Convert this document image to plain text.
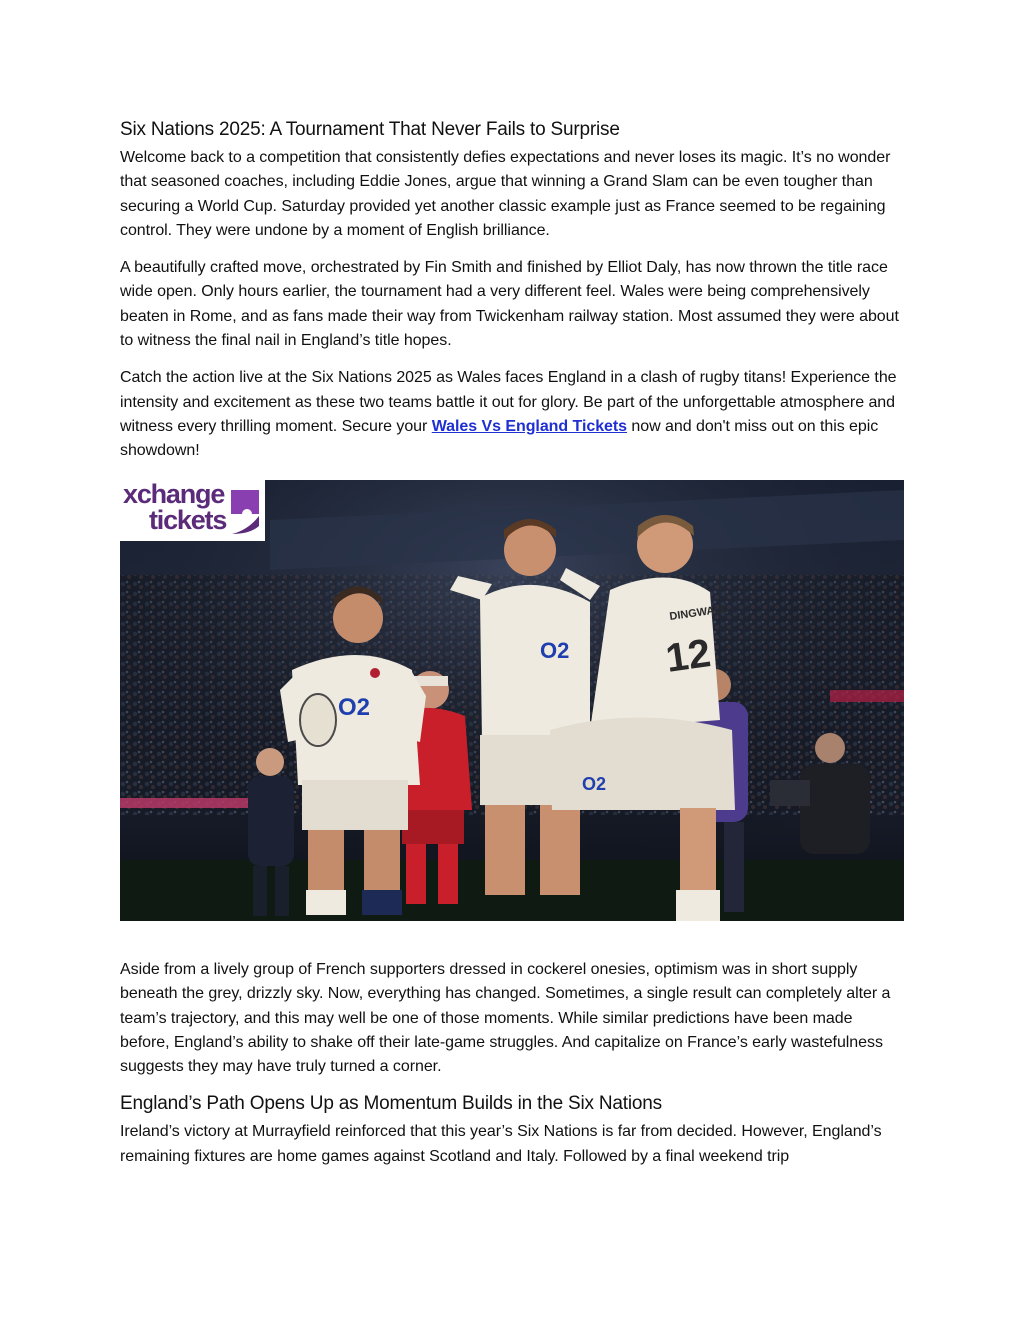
Six Nations 2025: A Tournament That Never Fails to Surprise

Welcome back to a competition that consistently defies expectations and never loses its magic. It’s no wonder that seasoned coaches, including Eddie Jones, argue that winning a Grand Slam can be even tougher than securing a World Cup. Saturday provided yet another classic example just as France seemed to be regaining control. They were undone by a moment of English brilliance.

A beautifully crafted move, orchestrated by Fin Smith and finished by Elliot Daly, has now thrown the title race wide open. Only hours earlier, the tournament had a very different feel. Wales were being comprehensively beaten in Rome, and as fans made their way from Twickenham railway station. Most assumed they were about to witness the final nail in England’s title hopes.

Catch the action live at the Six Nations 2025 as Wales faces England in a clash of rugby titans! Experience the intensity and excitement as these two teams battle it out for glory. Be part of the unforgettable atmosphere and witness every thrilling moment. Secure your Wales Vs England Tickets now and don't miss out on this epic showdown!

O2
O2
DINGWALL
12
O2
xchange
tickets

Aside from a lively group of French supporters dressed in cockerel onesies, optimism was in short supply beneath the grey, drizzly sky. Now, everything has changed. Sometimes, a single result can completely alter a team’s trajectory, and this may well be one of those moments. While similar predictions have been made before, England’s ability to shake off their late-game struggles. And capitalize on France’s early wastefulness suggests they may have truly turned a corner.

England’s Path Opens Up as Momentum Builds in the Six Nations

Ireland’s victory at Murrayfield reinforced that this year’s Six Nations is far from decided. However, England’s remaining fixtures are home games against Scotland and Italy. Followed by a final weekend trip
